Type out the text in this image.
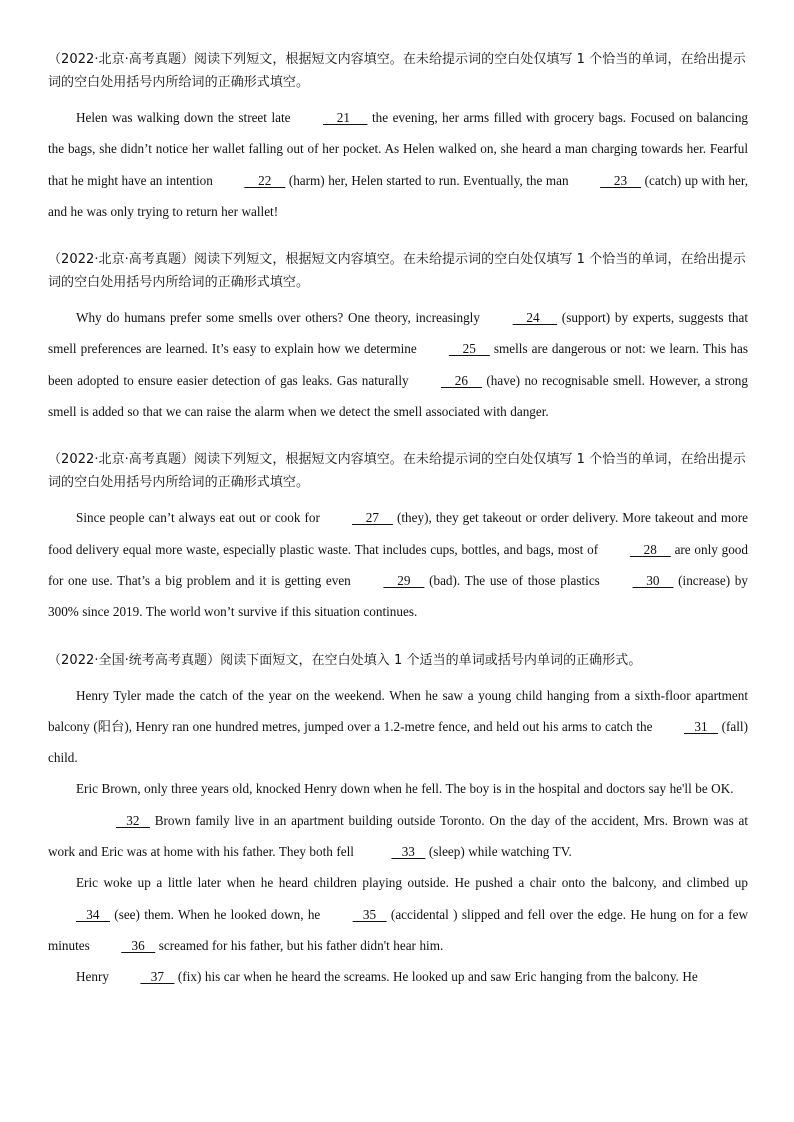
（2022·北京·高考真题）阅读下列短文，根据短文内容填空。在未给提示词的空白处仅填写 1 个恰当的单词，在给出提示词的空白处用括号内所给词的正确形式填空。

Helen was walking down the street late     21      the evening, her arms filled with grocery bags. Focused on balancing the bags, she didn’t notice her wallet falling out of her pocket. As Helen walked on, she heard a man charging towards her. Fearful that he might have an intention     22     (harm) her, Helen started to run. Eventually, the man     23     (catch) up with her, and he was only trying to return her wallet!

（2022·北京·高考真题）阅读下列短文，根据短文内容填空。在未给提示词的空白处仅填写 1 个恰当的单词，在给出提示词的空白处用括号内所给词的正确形式填空。

Why do humans prefer some smells over others? One theory, increasingly     24      (support) by experts, suggests that smell preferences are learned. It’s easy to explain how we determine     25     smells are dangerous or not: we learn. This has been adopted to ensure easier detection of gas leaks. Gas naturally     26     (have) no recognisable smell. However, a strong smell is added so that we can raise the alarm when we detect the smell associated with danger.

（2022·北京·高考真题）阅读下列短文，根据短文内容填空。在未给提示词的空白处仅填写 1 个恰当的单词，在给出提示词的空白处用括号内所给词的正确形式填空。

Since people can’t always eat out or cook for     27     (they), they get takeout or order delivery. More takeout and more food delivery equal more waste, especially plastic waste. That includes cups, bottles, and bags, most of     28     are only good for one use. That’s a big problem and it is getting even     29     (bad). The use of those plastics     30     (increase) by 300% since 2019. The world won’t survive if this situation continues.

（2022·全国·统考高考真题）阅读下面短文，在空白处填入 1 个适当的单词或括号内单词的正确形式。

Henry Tyler made the catch of the year on the weekend. When he saw a young child hanging from a sixth-floor apartment balcony (阳台), Henry ran one hundred metres, jumped over a 1.2-metre fence, and held out his arms to catch the    31    (fall) child.

Eric Brown, only three years old, knocked Henry down when he fell. The boy is in the hospital and doctors say he'll be OK.

32    Brown family live in an apartment building outside Toronto. On the day of the accident, Mrs. Brown was at work and Eric was at home with his father. They both fell	33    (sleep) while watching TV.

Eric woke up a little later when he heard children playing outside. He pushed a chair onto the balcony, and climbed up    34    (see) them. When he looked down, he    35    (accidental ) slipped and fell over the edge. He hung on for a few minutes    36    screamed for his father, but his father didn't hear him.

Henry    37    (fix) his car when he heard the screams. He looked up and saw Eric hanging from the balcony. He
